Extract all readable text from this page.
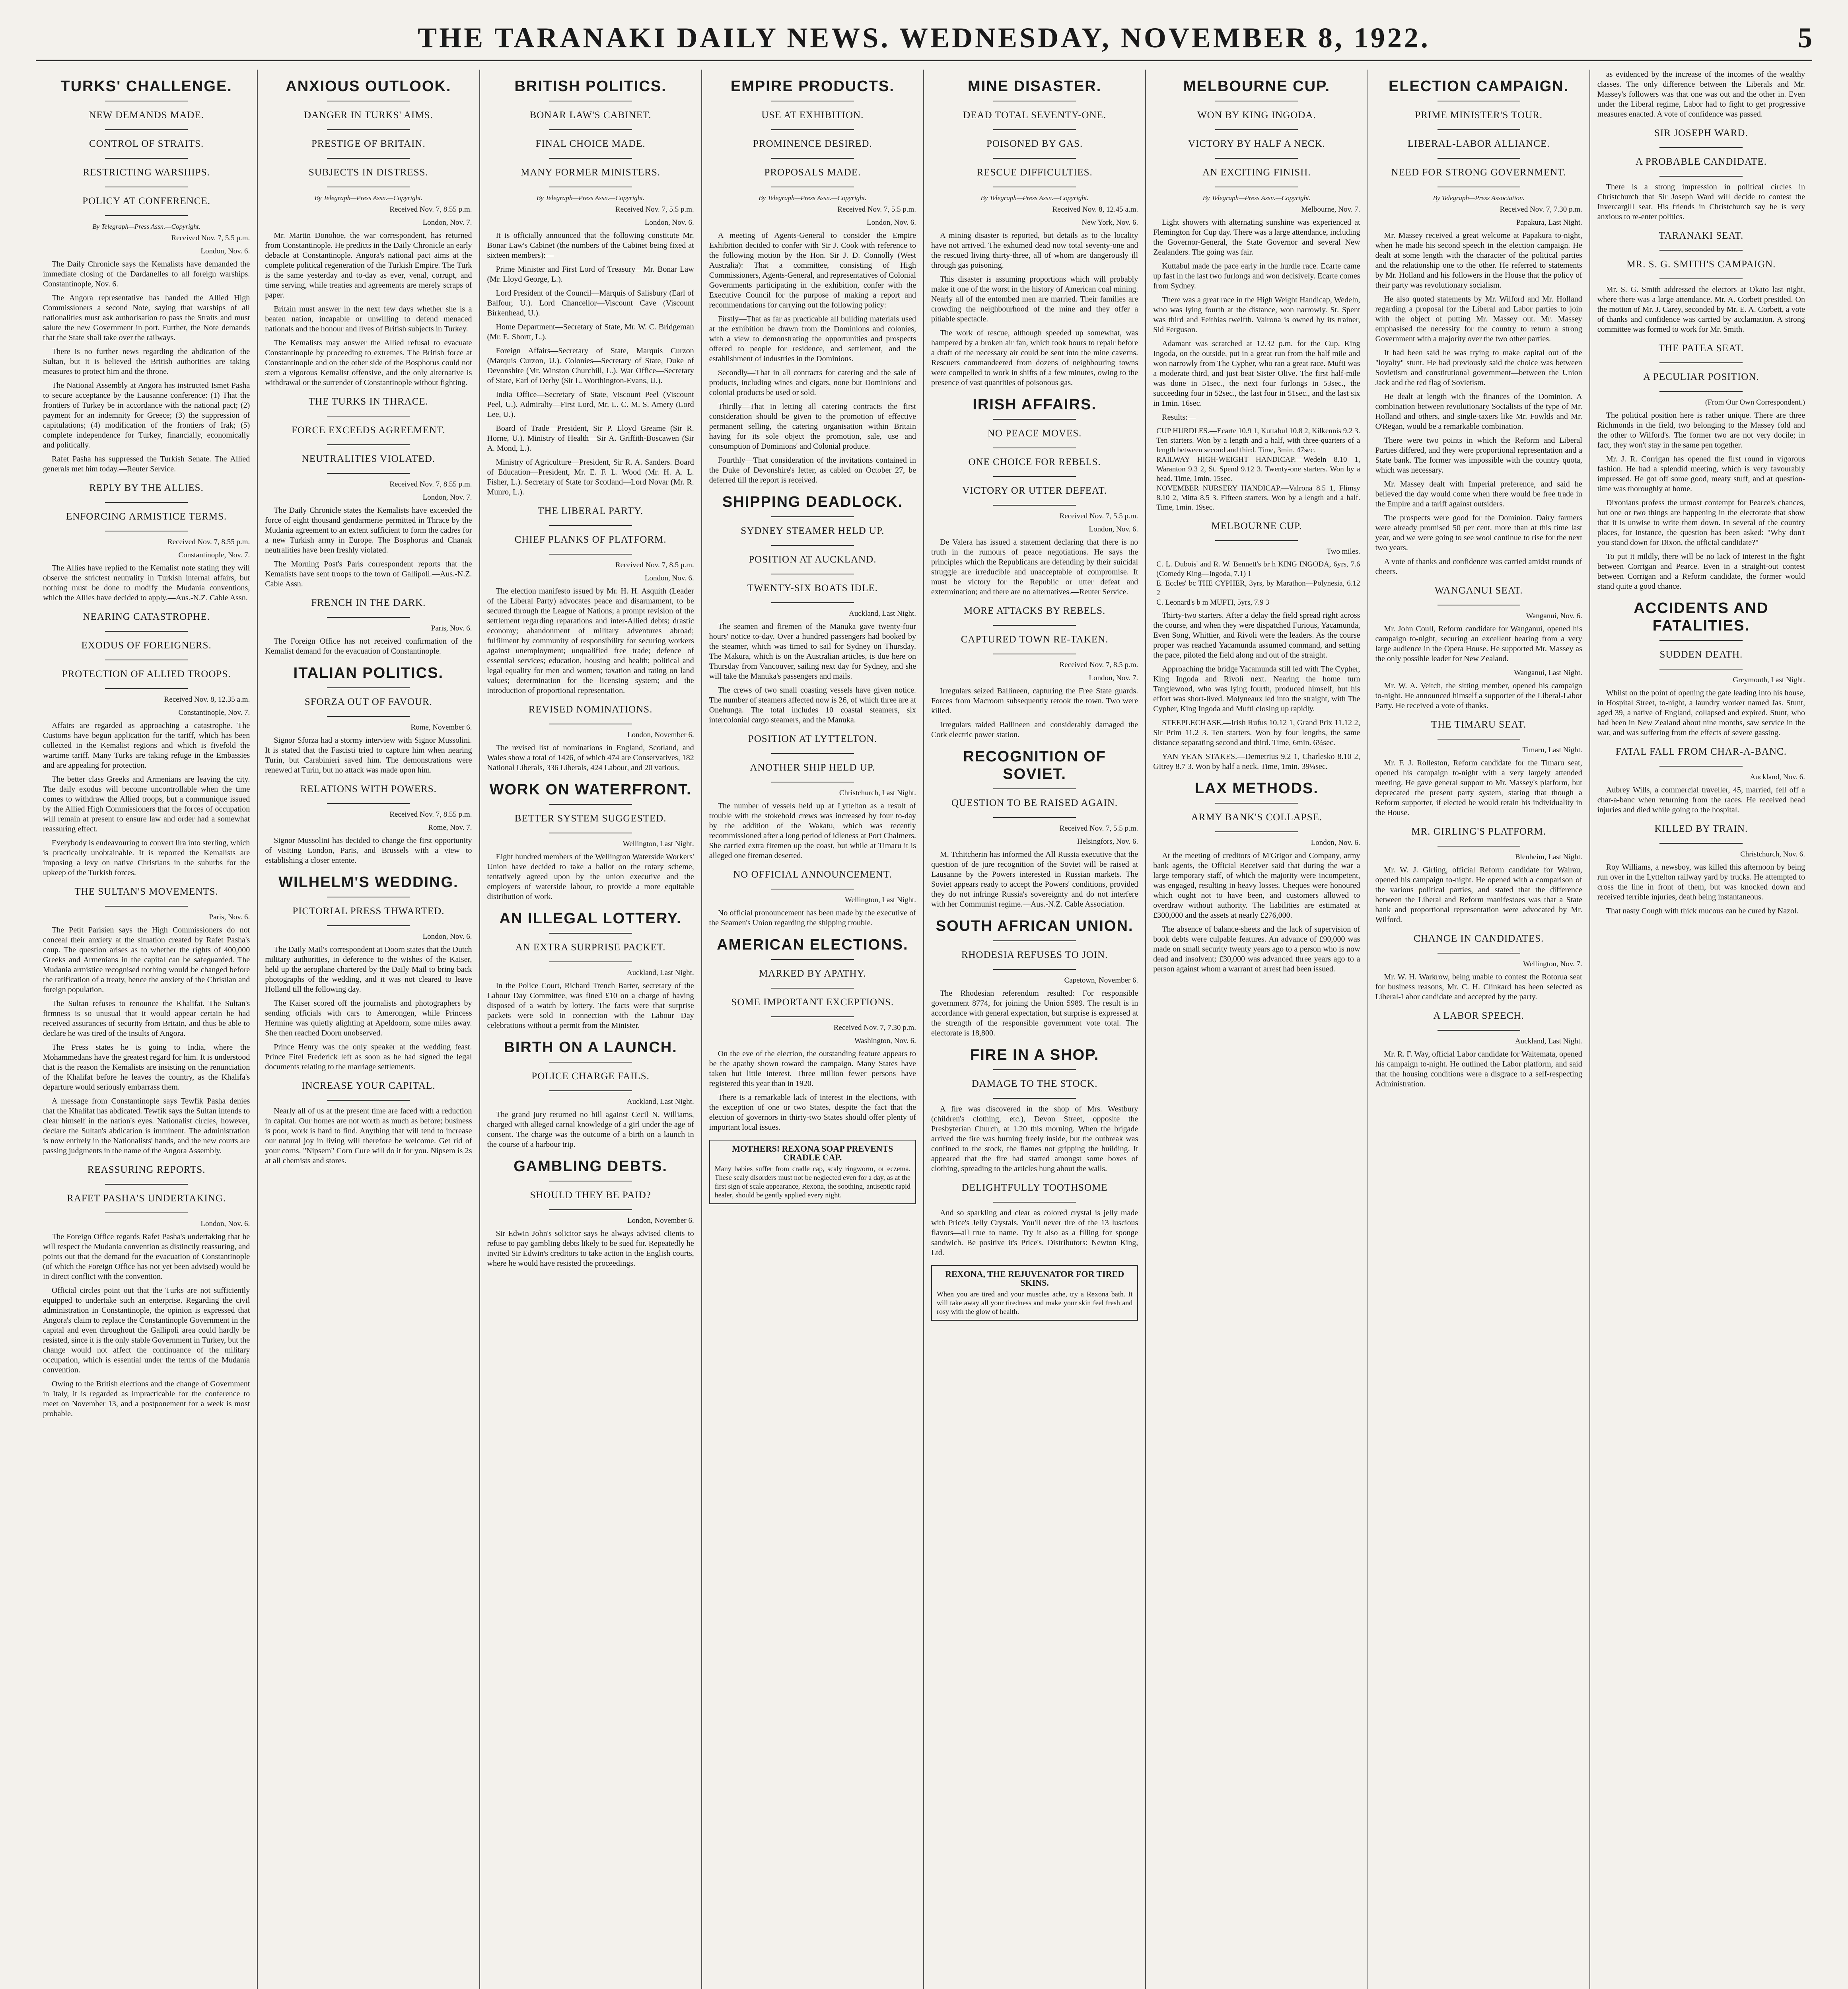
THE TARANAKI DAILY NEWS. WEDNESDAY, NOVEMBER 8, 1922.	5
TURKS' CHALLENGE.
NEW DEMANDS MADE.
CONTROL OF STRAITS.
RESTRICTING WARSHIPS.
POLICY AT CONFERENCE.
By Telegraph—Press Assn.—Copyright.
Received Nov. 7, 5.5 p.m.
London, Nov. 6.

The Daily Chronicle says the Kemalists have demanded the immediate closing of the Dardanelles to all foreign warships. Constantinople, Nov. 6.

The Angora representative has handed the Allied High Commissioners a second Note, saying that warships of all nationalities must ask authorisation to pass the Straits and must salute the new Government in port. Further, the Note demands that the State shall take over the railways.

There is no further news regarding the abdication of the Sultan, but it is believed the British authorities are taking measures to protect him and the throne.

The National Assembly at Angora has instructed Ismet Pasha to secure acceptance by the Lausanne conference: (1) That the frontiers of Turkey be in accordance with the national pact; (2) payment for an indemnity for Greece; (3) the suppression of capitulations; (4) modification of the frontiers of Irak; (5) complete independence for Turkey, financially, economically and politically.

Rafet Pasha has suppressed the Turkish Senate. The Allied generals met him today.—Reuter Service.

REPLY BY THE ALLIES.
ENFORCING ARMISTICE TERMS.
Received Nov. 7, 8.55 p.m.
Constantinople, Nov. 7.

The Allies have replied to the Kemalist note stating they will observe the strictest neutrality in Turkish internal affairs, but nothing must be done to modify the Mudania conventions, which the Allies have decided to apply.—Aus.-N.Z. Cable Assn.

NEARING CATASTROPHE.
EXODUS OF FOREIGNERS.
PROTECTION OF ALLIED TROOPS.
Received Nov. 8, 12.35 a.m.
Constantinople, Nov. 7.

Affairs are regarded as approaching a catastrophe. The Customs have begun application for the tariff, which has been collected in the Kemalist regions and which is fivefold the wartime tariff. Many Turks are taking refuge in the Embassies and are appealing for protection.

The better class Greeks and Armenians are leaving the city. The daily exodus will become uncontrollable when the time comes to withdraw the Allied troops, but a communique issued by the Allied High Commissioners that the forces of occupation will remain at present to ensure law and order had a somewhat reassuring effect.

Everybody is endeavouring to convert lira into sterling, which is practically unobtainable. It is reported the Kemalists are imposing a levy on native Christians in the suburbs for the upkeep of the Turkish forces.

THE SULTAN'S MOVEMENTS.
Paris, Nov. 6.

The Petit Parisien says the High Commissioners do not conceal their anxiety at the situation created by Rafet Pasha's coup. The question arises as to whether the rights of 400,000 Greeks and Armenians in the capital can be safeguarded. The Mudania armistice recognised nothing would be changed before the ratification of a treaty, hence the anxiety of the Christian and foreign population.

The Sultan refuses to renounce the Khalifat. The Sultan's firmness is so unusual that it would appear certain he had received assurances of security from Britain, and thus be able to declare he was tired of the insults of Angora.

The Press states he is going to India, where the Mohammedans have the greatest regard for him. It is understood that is the reason the Kemalists are insisting on the renunciation of the Khalifat before he leaves the country, as the Khalifa's departure would seriously embarrass them.

A message from Constantinople says Tewfik Pasha denies that the Khalifat has abdicated. Tewfik says the Sultan intends to clear himself in the nation's eyes. Nationalist circles, however, declare the Sultan's abdication is imminent. The administration is now entirely in the Nationalists' hands, and the new courts are passing judgments in the name of the Angora Assembly.

REASSURING REPORTS.
RAFET PASHA'S UNDERTAKING.
London, Nov. 6.

The Foreign Office regards Rafet Pasha's undertaking that he will respect the Mudania convention as distinctly reassuring, and points out that the demand for the evacuation of Constantinople (of which the Foreign Office has not yet been advised) would be in direct conflict with the convention.

Official circles point out that the Turks are not sufficiently equipped to undertake such an enterprise. Regarding the civil administration in Constantinople, the opinion is expressed that Angora's claim to replace the Constantinople Government in the capital and even throughout the Gallipoli area could hardly be resisted, since it is the only stable Government in Turkey, but the change would not affect the continuance of the military occupation, which is essential under the terms of the Mudania convention.

Owing to the British elections and the change of Government in Italy, it is regarded as impracticable for the conference to meet on November 13, and a postponement for a week is most probable.

ANXIOUS OUTLOOK.
DANGER IN TURKS' AIMS.
PRESTIGE OF BRITAIN.
SUBJECTS IN DISTRESS.
By Telegraph—Press Assn.—Copyright.
Received Nov. 7, 8.55 p.m.
London, Nov. 7.

Mr. Martin Donohoe, the war correspondent, has returned from Constantinople. He predicts in the Daily Chronicle an early debacle at Constantinople. Angora's national pact aims at the complete political regeneration of the Turkish Empire. The Turk is the same yesterday and to-day as ever, venal, corrupt, and time serving, while treaties and agreements are merely scraps of paper.

Britain must answer in the next few days whether she is a beaten nation, incapable or unwilling to defend menaced nationals and the honour and lives of British subjects in Turkey.

The Kemalists may answer the Allied refusal to evacuate Constantinople by proceeding to extremes. The British force at Constantinople and on the other side of the Bosphorus could not stem a vigorous Kemalist offensive, and the only alternative is withdrawal or the surrender of Constantinople without fighting.

THE TURKS IN THRACE.
FORCE EXCEEDS AGREEMENT.
NEUTRALITIES VIOLATED.
Received Nov. 7, 8.55 p.m.
London, Nov. 7.

The Daily Chronicle states the Kemalists have exceeded the force of eight thousand gendarmerie permitted in Thrace by the Mudania agreement to an extent sufficient to form the cadres for a new Turkish army in Europe. The Bosphorus and Chanak neutralities have been freshly violated.

The Morning Post's Paris correspondent reports that the Kemalists have sent troops to the town of Gallipoli.—Aus.-N.Z. Cable Assn.

FRENCH IN THE DARK.
Paris, Nov. 6.

The Foreign Office has not received confirmation of the Kemalist demand for the evacuation of Constantinople.

ITALIAN POLITICS.
SFORZA OUT OF FAVOUR.
Rome, November 6.

Signor Sforza had a stormy interview with Signor Mussolini. It is stated that the Fascisti tried to capture him when nearing Turin, but Carabinieri saved him. The demonstrations were renewed at Turin, but no attack was made upon him.

RELATIONS WITH POWERS.
Received Nov. 7, 8.55 p.m.
Rome, Nov. 7.

Signor Mussolini has decided to change the first opportunity of visiting London, Paris, and Brussels with a view to establishing a closer entente.

WILHELM'S WEDDING.
PICTORIAL PRESS THWARTED.
London, Nov. 6.

The Daily Mail's correspondent at Doorn states that the Dutch military authorities, in deference to the wishes of the Kaiser, held up the aeroplane chartered by the Daily Mail to bring back photographs of the wedding, and it was not cleared to leave Holland till the following day.

The Kaiser scored off the journalists and photographers by sending officials with cars to Amerongen, while Princess Hermine was quietly alighting at Apeldoorn, some miles away. She then reached Doorn unobserved.

Prince Henry was the only speaker at the wedding feast. Prince Eitel Frederick left as soon as he had signed the legal documents relating to the marriage settlements.

INCREASE YOUR CAPITAL.

Nearly all of us at the present time are faced with a reduction in capital. Our homes are not worth as much as before; business is poor, work is hard to find. Anything that will tend to increase our natural joy in living will therefore be welcome. Get rid of your corns. "Nipsem" Corn Cure will do it for you. Nipsem is 2s at all chemists and stores.

BRITISH POLITICS.
BONAR LAW'S CABINET.
FINAL CHOICE MADE.
MANY FORMER MINISTERS.
By Telegraph—Press Assn.—Copyright.
Received Nov. 7, 5.5 p.m.
London, Nov. 6.

It is officially announced that the following constitute Mr. Bonar Law's Cabinet (the numbers of the Cabinet being fixed at sixteen members):—

Prime Minister and First Lord of Treasury—Mr. Bonar Law (Mr. Lloyd George, L.).

Lord President of the Council—Marquis of Salisbury (Earl of Balfour, U.). Lord Chancellor—Viscount Cave (Viscount Birkenhead, U.).

Home Department—Secretary of State, Mr. W. C. Bridgeman (Mr. E. Shortt, L.).

Foreign Affairs—Secretary of State, Marquis Curzon (Marquis Curzon, U.). Colonies—Secretary of State, Duke of Devonshire (Mr. Winston Churchill, L.). War Office—Secretary of State, Earl of Derby (Sir L. Worthington-Evans, U.).

India Office—Secretary of State, Viscount Peel (Viscount Peel, U.). Admiralty—First Lord, Mr. L. C. M. S. Amery (Lord Lee, U.).

Board of Trade—President, Sir P. Lloyd Greame (Sir R. Horne, U.). Ministry of Health—Sir A. Griffith-Boscawen (Sir A. Mond, L.).

Ministry of Agriculture—President, Sir R. A. Sanders. Board of Education—President, Mr. E. F. L. Wood (Mr. H. A. L. Fisher, L.). Secretary of State for Scotland—Lord Novar (Mr. R. Munro, L.).

THE LIBERAL PARTY.
CHIEF PLANKS OF PLATFORM.
Received Nov. 7, 8.5 p.m.
London, Nov. 6.

The election manifesto issued by Mr. H. H. Asquith (Leader of the Liberal Party) advocates peace and disarmament, to be secured through the League of Nations; a prompt revision of the settlement regarding reparations and inter-Allied debts; drastic economy; abandonment of military adventures abroad; fulfilment by community of responsibility for securing workers against unemployment; unqualified free trade; defence of essential services; education, housing and health; political and legal equality for men and women; taxation and rating on land values; determination for the licensing system; and the introduction of proportional representation.

REVISED NOMINATIONS.
London, November 6.

The revised list of nominations in England, Scotland, and Wales show a total of 1426, of which 474 are Conservatives, 182 National Liberals, 336 Liberals, 424 Labour, and 20 various.

WORK ON WATERFRONT.
BETTER SYSTEM SUGGESTED.
Wellington, Last Night.

Eight hundred members of the Wellington Waterside Workers' Union have decided to take a ballot on the rotary scheme, tentatively agreed upon by the union executive and the employers of waterside labour, to provide a more equitable distribution of work.

AN ILLEGAL LOTTERY.
AN EXTRA SURPRISE PACKET.
Auckland, Last Night.

In the Police Court, Richard Trench Barter, secretary of the Labour Day Committee, was fined £10 on a charge of having disposed of a watch by lottery. The facts were that surprise packets were sold in connection with the Labour Day celebrations without a permit from the Minister.

BIRTH ON A LAUNCH.
POLICE CHARGE FAILS.
Auckland, Last Night.

The grand jury returned no bill against Cecil N. Williams, charged with alleged carnal knowledge of a girl under the age of consent. The charge was the outcome of a birth on a launch in the course of a harbour trip.

GAMBLING DEBTS.
SHOULD THEY BE PAID?
London, November 6.

Sir Edwin John's solicitor says he always advised clients to refuse to pay gambling debts likely to be sued for. Repeatedly he invited Sir Edwin's creditors to take action in the English courts, where he would have resisted the proceedings.

EMPIRE PRODUCTS.
USE AT EXHIBITION.
PROMINENCE DESIRED.
PROPOSALS MADE.
By Telegraph—Press Assn.—Copyright.
Received Nov. 7, 5.5 p.m.
London, Nov. 6.

A meeting of Agents-General to consider the Empire Exhibition decided to confer with Sir J. Cook with reference to the following motion by the Hon. Sir J. D. Connolly (West Australia): That a committee, consisting of High Commissioners, Agents-General, and representatives of Colonial Governments participating in the exhibition, confer with the Executive Council for the purpose of making a report and recommendations for carrying out the following policy:

Firstly—That as far as practicable all building materials used at the exhibition be drawn from the Dominions and colonies, with a view to demonstrating the opportunities and prospects offered to people for residence, and settlement, and the establishment of industries in the Dominions.

Secondly—That in all contracts for catering and the sale of products, including wines and cigars, none but Dominions' and colonial products be used or sold.

Thirdly—That in letting all catering contracts the first consideration should be given to the promotion of effective permanent selling, the catering organisation within Britain having for its sole object the promotion, sale, use and consumption of Dominions' and Colonial produce.

Fourthly—That consideration of the invitations contained in the Duke of Devonshire's letter, as cabled on October 27, be deferred till the report is received.

SHIPPING DEADLOCK.
SYDNEY STEAMER HELD UP.
POSITION AT AUCKLAND.
TWENTY-SIX BOATS IDLE.
Auckland, Last Night.

The seamen and firemen of the Manuka gave twenty-four hours' notice to-day. Over a hundred passengers had booked by the steamer, which was timed to sail for Sydney on Thursday. The Makura, which is on the Australian articles, is due here on Thursday from Vancouver, sailing next day for Sydney, and she will take the Manuka's passengers and mails.

The crews of two small coasting vessels have given notice. The number of steamers affected now is 26, of which three are at Onehunga. The total includes 10 coastal steamers, six intercolonial cargo steamers, and the Manuka.

POSITION AT LYTTELTON.
ANOTHER SHIP HELD UP.
Christchurch, Last Night.

The number of vessels held up at Lyttelton as a result of trouble with the stokehold crews was increased by four to-day by the addition of the Wakatu, which was recently recommissioned after a long period of idleness at Port Chalmers. She carried extra firemen up the coast, but while at Timaru it is alleged one fireman deserted.

NO OFFICIAL ANNOUNCEMENT.
Wellington, Last Night.

No official pronouncement has been made by the executive of the Seamen's Union regarding the shipping trouble.

AMERICAN ELECTIONS.
MARKED BY APATHY.
SOME IMPORTANT EXCEPTIONS.
Received Nov. 7, 7.30 p.m.
Washington, Nov. 6.

On the eve of the election, the outstanding feature appears to be the apathy shown toward the campaign. Many States have taken but little interest. Three million fewer persons have registered this year than in 1920.

There is a remarkable lack of interest in the elections, with the exception of one or two States, despite the fact that the election of governors in thirty-two States should offer plenty of important local issues.

MOTHERS! REXONA SOAP PREVENTS CRADLE CAP.
Many babies suffer from cradle cap, scaly ringworm, or eczema. These scaly disorders must not be neglected even for a day, as at the first sign of scale appearance, Rexona, the soothing, antiseptic rapid healer, should be gently applied every night.
MINE DISASTER.
DEAD TOTAL SEVENTY-ONE.
POISONED BY GAS.
RESCUE DIFFICULTIES.
By Telegraph—Press Assn.—Copyright.
Received Nov. 8, 12.45 a.m.
New York, Nov. 6.

A mining disaster is reported, but details as to the locality have not arrived. The exhumed dead now total seventy-one and the rescued living thirty-three, all of whom are dangerously ill through gas poisoning.

This disaster is assuming proportions which will probably make it one of the worst in the history of American coal mining. Nearly all of the entombed men are married. Their families are crowding the neighbourhood of the mine and they offer a pitiable spectacle.

The work of rescue, although speeded up somewhat, was hampered by a broken air fan, which took hours to repair before a draft of the necessary air could be sent into the mine caverns. Rescuers commandeered from dozens of neighbouring towns were compelled to work in shifts of a few minutes, owing to the presence of vast quantities of poisonous gas.

IRISH AFFAIRS.
NO PEACE MOVES.
ONE CHOICE FOR REBELS.
VICTORY OR UTTER DEFEAT.
Received Nov. 7, 5.5 p.m.
London, Nov. 6.

De Valera has issued a statement declaring that there is no truth in the rumours of peace negotiations. He says the principles which the Republicans are defending by their suicidal struggle are irreducible and unacceptable of compromise. It must be victory for the Republic or utter defeat and extermination; and there are no alternatives.—Reuter Service.

MORE ATTACKS BY REBELS.
CAPTURED TOWN RE-TAKEN.
Received Nov. 7, 8.5 p.m.
London, Nov. 7.

Irregulars seized Ballineen, capturing the Free State guards. Forces from Macroom subsequently retook the town. Two were killed.

Irregulars raided Ballineen and considerably damaged the Cork electric power station.

RECOGNITION OF SOVIET.
QUESTION TO BE RAISED AGAIN.
Received Nov. 7, 5.5 p.m.
Helsingfors, Nov. 6.

M. Tchitcherin has informed the All Russia executive that the question of de jure recognition of the Soviet will be raised at Lausanne by the Powers interested in Russian markets. The Soviet appears ready to accept the Powers' conditions, provided they do not infringe Russia's sovereignty and do not interfere with her Communist regime.—Aus.-N.Z. Cable Association.

SOUTH AFRICAN UNION.
RHODESIA REFUSES TO JOIN.
Capetown, November 6.

The Rhodesian referendum resulted: For responsible government 8774, for joining the Union 5989. The result is in accordance with general expectation, but surprise is expressed at the strength of the responsible government vote total. The electorate is 18,800.

FIRE IN A SHOP.
DAMAGE TO THE STOCK.

A fire was discovered in the shop of Mrs. Westbury (children's clothing, etc.), Devon Street, opposite the Presbyterian Church, at 1.20 this morning. When the brigade arrived the fire was burning freely inside, but the outbreak was confined to the stock, the flames not gripping the building. It appeared that the fire had started amongst some boxes of clothing, spreading to the articles hung about the walls.

DELIGHTFULLY TOOTHSOME

And so sparkling and clear as colored crystal is jelly made with Price's Jelly Crystals. You'll never tire of the 13 luscious flavors—all true to name. Try it also as a filling for sponge sandwich. Be positive it's Price's. Distributors: Newton King, Ltd.

REXONA, THE REJUVENATOR FOR TIRED SKINS.
When you are tired and your muscles ache, try a Rexona bath. It will take away all your tiredness and make your skin feel fresh and rosy with the glow of health.
MELBOURNE CUP.
WON BY KING INGODA.
VICTORY BY HALF A NECK.
AN EXCITING FINISH.
By Telegraph—Press Assn.—Copyright.
Melbourne, Nov. 7.

Light showers with alternating sunshine was experienced at Flemington for Cup day. There was a large attendance, including the Governor-General, the State Governor and several New Zealanders. The going was fair.

Kuttabul made the pace early in the hurdle race. Ecarte came up fast in the last two furlongs and won decisively. Ecarte comes from Sydney.

There was a great race in the High Weight Handicap, Wedeln, who was lying fourth at the distance, won narrowly. St. Spent was third and Feithias twelfth. Valrona is owned by its trainer, Sid Ferguson.

Adamant was scratched at 12.32 p.m. for the Cup. King Ingoda, on the outside, put in a great run from the half mile and won narrowly from The Cypher, who ran a great race. Mufti was a moderate third, and just beat Sister Olive. The first half-mile was done in 51sec., the next four furlongs in 53sec., the succeeding four in 52sec., the last four in 51sec., and the last six in 1min. 16sec.

Results:—

CUP HURDLES.—Ecarte 10.9 1, Kuttabul 10.8 2, Kilkennis 9.2 3. Ten starters. Won by a length and a half, with three-quarters of a length between second and third. Time, 3min. 47sec.
RAILWAY HIGH-WEIGHT HANDICAP.—Wedeln 8.10 1, Waranton 9.3 2, St. Spend 9.12 3. Twenty-one starters. Won by a head. Time, 1min. 15sec.
NOVEMBER NURSERY HANDICAP.—Valrona 8.5 1, Flimsy 8.10 2, Mitta 8.5 3. Fifteen starters. Won by a length and a half. Time, 1min. 19sec.
MELBOURNE CUP.
Two miles.
C. L. Dubois' and R. W. Bennett's br h KING INGODA, 6yrs, 7.6 (Comedy King—Ingoda, 7.1) 1
E. Eccles' bc THE CYPHER, 3yrs, by Marathon—Polynesia, 6.12 2
C. Leonard's b m MUFTI, 5yrs, 7.9 3

Thirty-two starters. After a delay the field spread right across the course, and when they were dispatched Furious, Yacamunda, Even Song, Whittier, and Rivoli were the leaders. As the course proper was reached Yacamunda assumed command, and setting the pace, piloted the field along and out of the straight.

Approaching the bridge Yacamunda still led with The Cypher, King Ingoda and Rivoli next. Nearing the home turn Tanglewood, who was lying fourth, produced himself, but his effort was short-lived. Molyneaux led into the straight, with The Cypher, King Ingoda and Mufti closing up rapidly.

STEEPLECHASE.—Irish Rufus 10.12 1, Grand Prix 11.12 2, Sir Prim 11.2 3. Ten starters. Won by four lengths, the same distance separating second and third. Time, 6min. 6¼sec.

YAN YEAN STAKES.—Demetrius 9.2 1, Charlesko 8.10 2, Gitrey 8.7 3. Won by half a neck. Time, 1min. 39¼sec.

LAX METHODS.
ARMY BANK'S COLLAPSE.
London, Nov. 6.

At the meeting of creditors of M'Grigor and Company, army bank agents, the Official Receiver said that during the war a large temporary staff, of which the majority were incompetent, was engaged, resulting in heavy losses. Cheques were honoured which ought not to have been, and customers allowed to overdraw without authority. The liabilities are estimated at £300,000 and the assets at nearly £276,000.

The absence of balance-sheets and the lack of supervision of book debts were culpable features. An advance of £90,000 was made on small security twenty years ago to a person who is now dead and insolvent; £30,000 was advanced three years ago to a person against whom a warrant of arrest had been issued.

ELECTION CAMPAIGN.
PRIME MINISTER'S TOUR.
LIBERAL-LABOR ALLIANCE.
NEED FOR STRONG GOVERNMENT.
By Telegraph—Press Association.
Received Nov. 7, 7.30 p.m.
Papakura, Last Night.

Mr. Massey received a great welcome at Papakura to-night, when he made his second speech in the election campaign. He dealt at some length with the character of the political parties and the relationship one to the other. He referred to statements by Mr. Holland and his followers in the House that the policy of their party was revolutionary socialism.

He also quoted statements by Mr. Wilford and Mr. Holland regarding a proposal for the Liberal and Labor parties to join with the object of putting Mr. Massey out. Mr. Massey emphasised the necessity for the country to return a strong Government with a majority over the two other parties.

It had been said he was trying to make capital out of the "loyalty" stunt. He had previously said the choice was between Sovietism and constitutional government—between the Union Jack and the red flag of Sovietism.

He dealt at length with the finances of the Dominion. A combination between revolutionary Socialists of the type of Mr. Holland and others, and single-taxers like Mr. Fowlds and Mr. O'Regan, would be a remarkable combination.

There were two points in which the Reform and Liberal Parties differed, and they were proportional representation and a State bank. The former was impossible with the country quota, which was necessary.

Mr. Massey dealt with Imperial preference, and said he believed the day would come when there would be free trade in the Empire and a tariff against outsiders.

The prospects were good for the Dominion. Dairy farmers were already promised 50 per cent. more than at this time last year, and we were going to see wool continue to rise for the next two years.

A vote of thanks and confidence was carried amidst rounds of cheers.

WANGANUI SEAT.
Wanganui, Nov. 6.

Mr. John Coull, Reform candidate for Wanganui, opened his campaign to-night, securing an excellent hearing from a very large audience in the Opera House. He supported Mr. Massey as the only possible leader for New Zealand.

Wanganui, Last Night.

Mr. W. A. Veitch, the sitting member, opened his campaign to-night. He announced himself a supporter of the Liberal-Labor Party. He received a vote of thanks.

THE TIMARU SEAT.
Timaru, Last Night.

Mr. F. J. Rolleston, Reform candidate for the Timaru seat, opened his campaign to-night with a very largely attended meeting. He gave general support to Mr. Massey's platform, but deprecated the present party system, stating that though a Reform supporter, if elected he would retain his individuality in the House.

MR. GIRLING'S PLATFORM.
Blenheim, Last Night.

Mr. W. J. Girling, official Reform candidate for Wairau, opened his campaign to-night. He opened with a comparison of the various political parties, and stated that the difference between the Liberal and Reform manifestoes was that a State bank and proportional representation were advocated by Mr. Wilford.

CHANGE IN CANDIDATES.
Wellington, Nov. 7.

Mr. W. H. Warkrow, being unable to contest the Rotorua seat for business reasons, Mr. C. H. Clinkard has been selected as Liberal-Labor candidate and accepted by the party.

A LABOR SPEECH.
Auckland, Last Night.

Mr. R. F. Way, official Labor candidate for Waitemata, opened his campaign to-night. He outlined the Labor platform, and said that the housing conditions were a disgrace to a self-respecting Administration.

as evidenced by the increase of the incomes of the wealthy classes. The only difference between the Liberals and Mr. Massey's followers was that one was out and the other in. Even under the Liberal regime, Labor had to fight to get progressive measures enacted. A vote of confidence was passed.

SIR JOSEPH WARD.
A PROBABLE CANDIDATE.

There is a strong impression in political circles in Christchurch that Sir Joseph Ward will decide to contest the Invercargill seat. His friends in Christchurch say he is very anxious to re-enter politics.

TARANAKI SEAT.
MR. S. G. SMITH'S CAMPAIGN.

Mr. S. G. Smith addressed the electors at Okato last night, where there was a large attendance. Mr. A. Corbett presided. On the motion of Mr. J. Carey, seconded by Mr. E. A. Corbett, a vote of thanks and confidence was carried by acclamation. A strong committee was formed to work for Mr. Smith.

THE PATEA SEAT.
A PECULIAR POSITION.
(From Our Own Correspondent.)

The political position here is rather unique. There are three Richmonds in the field, two belonging to the Massey fold and the other to Wilford's. The former two are not very docile; in fact, they won't stay in the same pen together.

Mr. J. R. Corrigan has opened the first round in vigorous fashion. He had a splendid meeting, which is very favourably impressed. He got off some good, meaty stuff, and at question-time was thoroughly at home.

Dixonians profess the utmost contempt for Pearce's chances, but one or two things are happening in the electorate that show that it is unwise to write them down. In several of the country places, for instance, the question has been asked: "Why don't you stand down for Dixon, the official candidate?"

To put it mildly, there will be no lack of interest in the fight between Corrigan and Pearce. Even in a straight-out contest between Corrigan and a Reform candidate, the former would stand quite a good chance.

ACCIDENTS AND FATALITIES.
SUDDEN DEATH.
Greymouth, Last Night.

Whilst on the point of opening the gate leading into his house, in Hospital Street, to-night, a laundry worker named Jas. Stunt, aged 39, a native of England, collapsed and expired. Stunt, who had been in New Zealand about nine months, saw service in the war, and was suffering from the effects of severe gassing.

FATAL FALL FROM CHAR-A-BANC.
Auckland, Nov. 6.

Aubrey Wills, a commercial traveller, 45, married, fell off a char-a-banc when returning from the races. He received head injuries and died while going to the hospital.

KILLED BY TRAIN.
Christchurch, Nov. 6.

Roy Williams, a newsboy, was killed this afternoon by being run over in the Lyttelton railway yard by trucks. He attempted to cross the line in front of them, but was knocked down and received terrible injuries, death being instantaneous.

That nasty Cough with thick mucous can be cured by Nazol.
